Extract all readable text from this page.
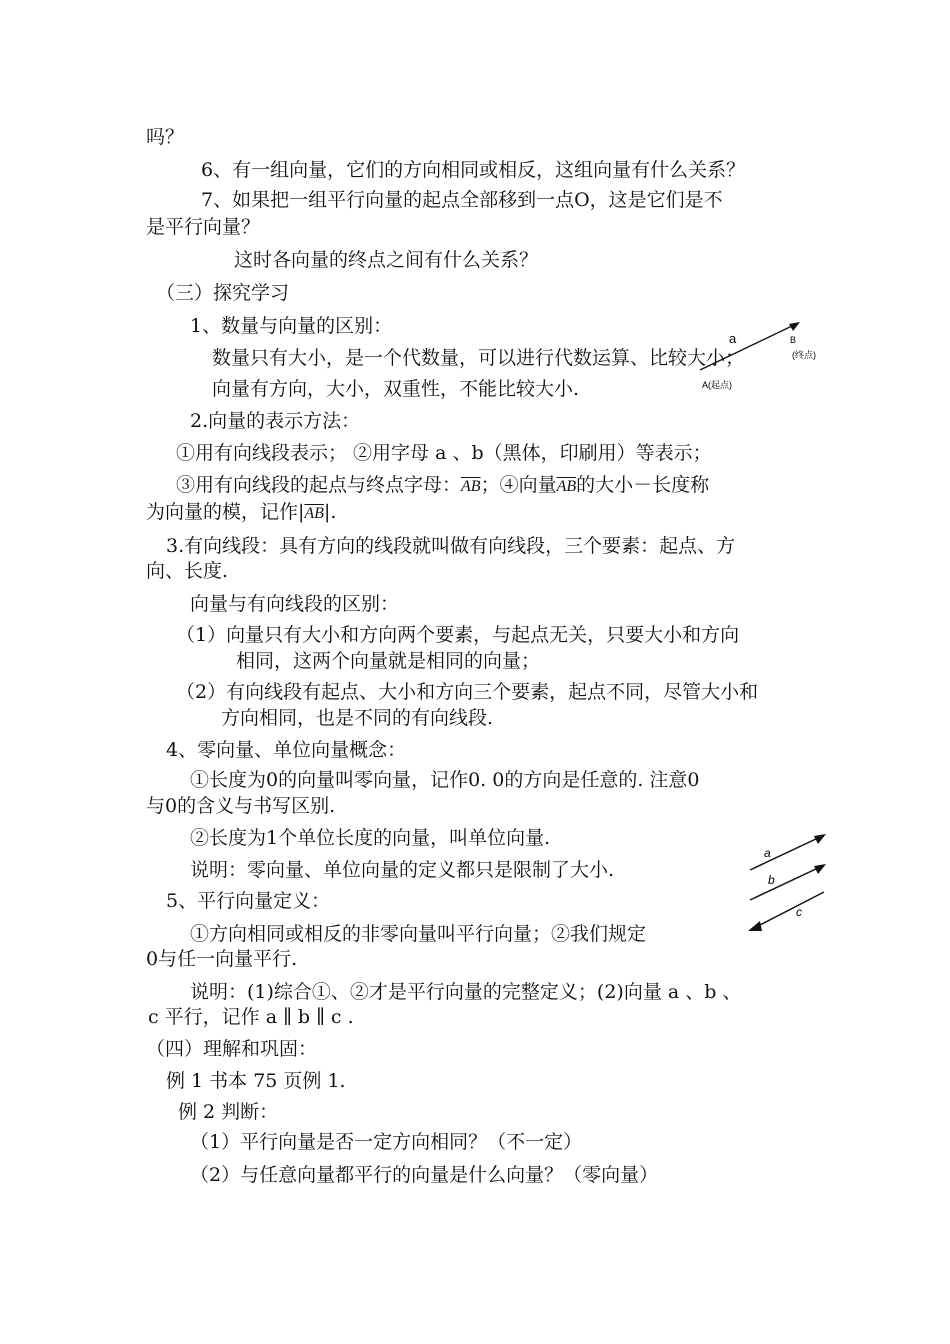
吗？
6、有一组向量，它们的方向相同或相反，这组向量有什么关系？
7、如果把一组平行向量的起点全部移到一点O，这是它们是不
是平行向量？
这时各向量的终点之间有什么关系？
（三）探究学习
1、数量与向量的区别：
数量只有大小，是一个代数量，可以进行代数运算、比较大小；
向量有方向，大小，双重性，不能比较大小.
2.向量的表示方法：
①用有向线段表示； ②用字母 a 、b（黑体，印刷用）等表示；
③用有向线段的起点与终点字母：$\overline{AB}$；④向量$\overline{AB}$的大小－长度称
为向量的模，记作$|\overline{AB}|$.
3.有向线段：具有方向的线段就叫做有向线段，三个要素：起点、方
向、长度.
向量与有向线段的区别：
（1）向量只有大小和方向两个要素，与起点无关，只要大小和方向
相同，这两个向量就是相同的向量；
（2）有向线段有起点、大小和方向三个要素，起点不同，尽管大小和
方向相同，也是不同的有向线段.
4、零向量、单位向量概念：
①长度为0的向量叫零向量，记作0. 0的方向是任意的. 注意0
与0的含义与书写区别.
②长度为1个单位长度的向量，叫单位向量.
说明：零向量、单位向量的定义都只是限制了大小.
5、平行向量定义：
①方向相同或相反的非零向量叫平行向量；②我们规定
0与任一向量平行.
说明：(1)综合①、②才是平行向量的完整定义；(2)向量 a 、b 、
c 平行，记作 a ∥ b ∥ c .
（四）理解和巩固：
例 1 书本 75 页例 1.
例 2 判断：
（1）平行向量是否一定方向相同？（不一定）
（2）与任意向量都平行的向量是什么向量？（零向量）
a	B
(终点)
A(起点)
a
b
c
